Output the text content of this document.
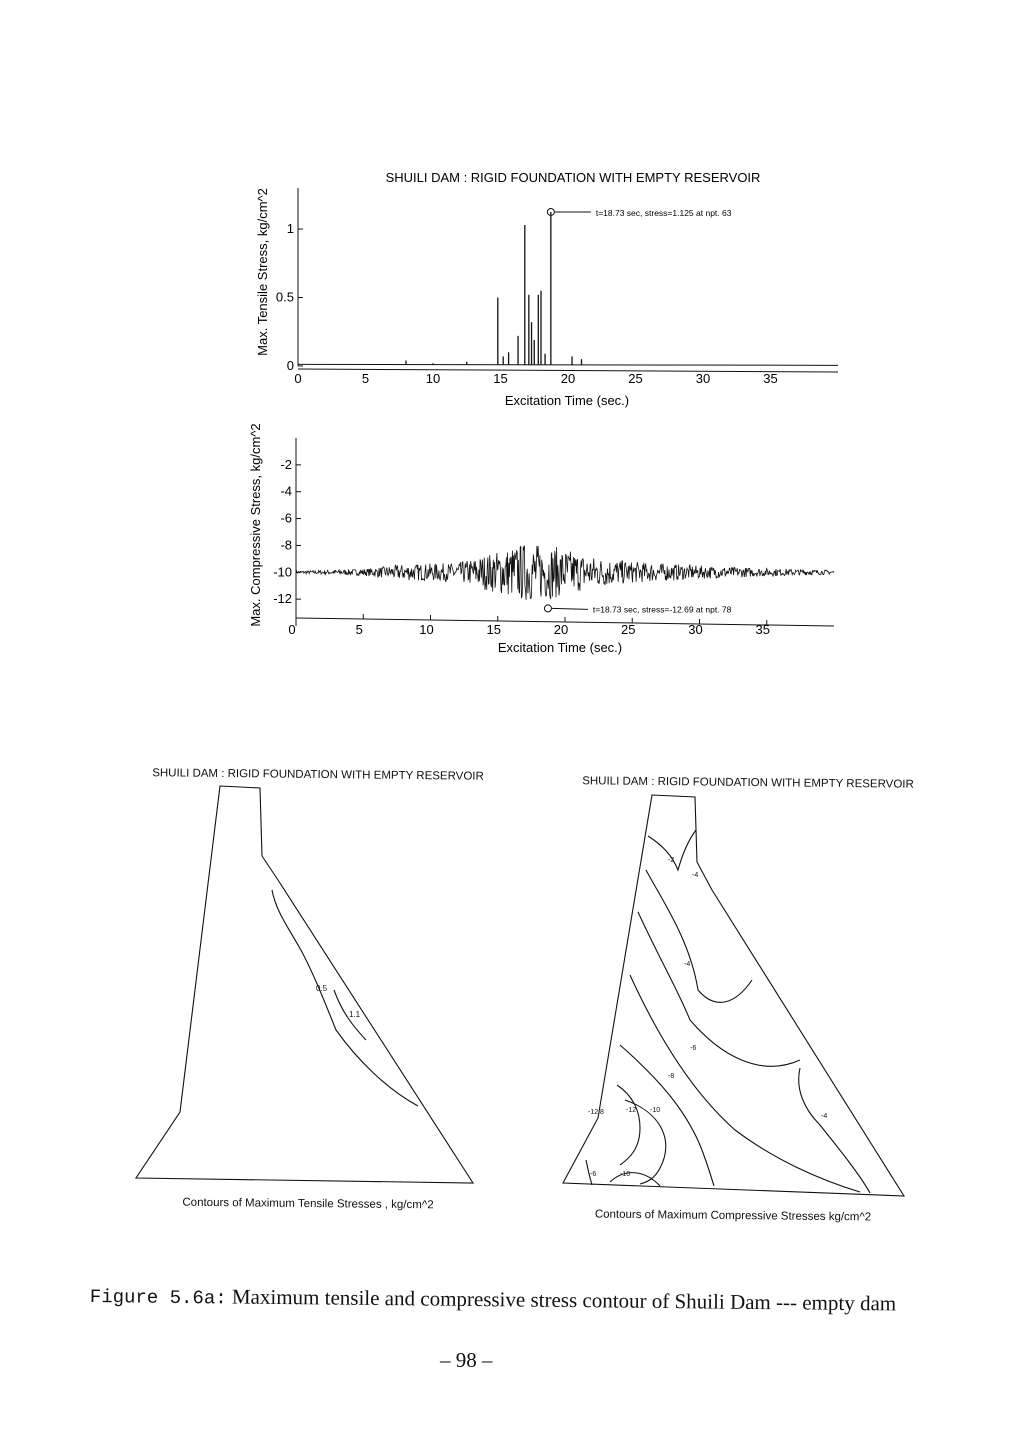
SHUILI DAM : RIGID FOUNDATION WITH EMPTY RESERVOIR
Max. Tensile Stress, kg/cm^2
Excitation Time (sec.)
0
0.5
1
0	5	10	15	20	25	30	35
t=18.73 sec, stress=1.125 at npt. 63
Max. Compressive Stress, kg/cm^2
Excitation Time (sec.)
-2
-4
-6
-8
-10
-12
0	5	10	15	20	25	30	35
t=18.73 sec, stress=-12.69 at npt. 78
SHUILI DAM : RIGID FOUNDATION WITH EMPTY RESERVOIR
0.5
1.1
Contours of Maximum Tensile Stresses , kg/cm^2
SHUILI DAM : RIGID FOUNDATION WITH EMPTY RESERVOIR
-2
-4
-4
-6
-8
-4
-10
-12
-12.8
-6	-10
Contours of Maximum Compressive Stresses kg/cm^2
Figure 5.6a: Maximum tensile and compressive stress contour of Shuili Dam --- empty dam
– 98 –
